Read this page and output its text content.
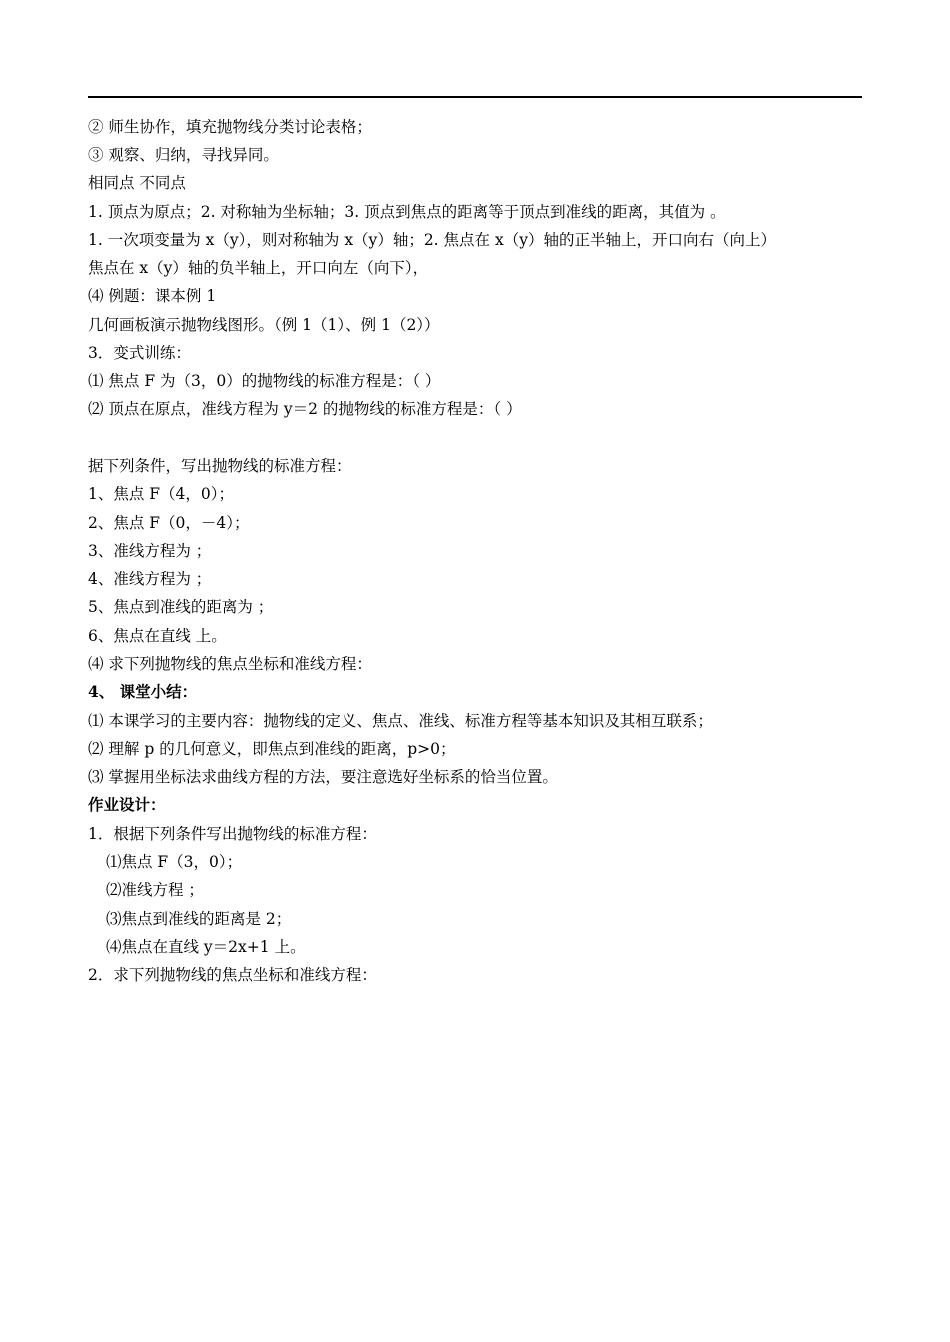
② 师生协作，填充抛物线分类讨论表格；
③ 观察、归纳，寻找异同。
相同点 不同点
1. 顶点为原点；2. 对称轴为坐标轴；3. 顶点到焦点的距离等于顶点到准线的距离，其值为 。
1. 一次项变量为 x（y），则对称轴为 x（y）轴；2. 焦点在 x（y）轴的正半轴上，开口向右（向上）
焦点在 x（y）轴的负半轴上，开口向左（向下），
⑷ 例题：课本例 1
几何画板演示抛物线图形。（例 1（1）、例 1（2））
3．变式训练：
⑴ 焦点 F 为（3，0）的抛物线的标准方程是：（ ）
⑵ 顶点在原点，准线方程为 y＝2 的抛物线的标准方程是：（ ）
据下列条件，写出抛物线的标准方程：
1、焦点 F（4，0）；
2、焦点 F（0，－4）；
3、准线方程为 ；
4、准线方程为 ；
5、焦点到准线的距离为 ；
6、焦点在直线 上。
⑷ 求下列抛物线的焦点坐标和准线方程：
4、 课堂小结：
⑴ 本课学习的主要内容：抛物线的定义、焦点、准线、标准方程等基本知识及其相互联系；
⑵ 理解 p 的几何意义，即焦点到准线的距离，p>0；
⑶ 掌握用坐标法求曲线方程的方法，要注意选好坐标系的恰当位置。
作业设计：
1．根据下列条件写出抛物线的标准方程：
⑴焦点 F（3，0）；
⑵准线方程 ；
⑶焦点到准线的距离是 2；
⑷焦点在直线 y＝2x+1 上。
2．求下列抛物线的焦点坐标和准线方程：
